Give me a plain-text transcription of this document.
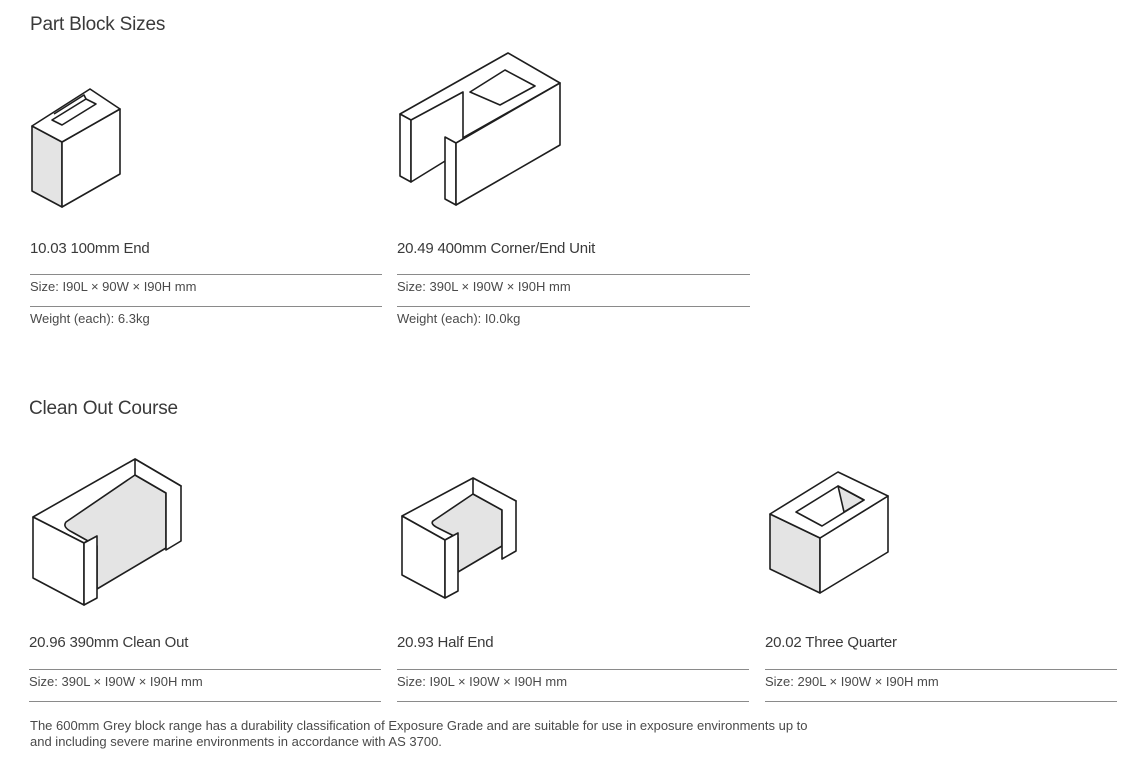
Part Block Sizes
10.03 100mm End
Size: I90L × 90W × I90H mm
Weight (each): 6.3kg
20.49 400mm Corner/End Unit
Size: 390L × I90W × I90H mm
Weight (each): I0.0kg
Clean Out Course
20.96 390mm Clean Out
Size: 390L × I90W × I90H mm
20.93 Half End
Size: I90L × I90W × I90H mm
20.02 Three Quarter
Size: 290L × I90W × I90H mm
The 600mm Grey block range has a durability classification of Exposure Grade and are suitable for use in exposure environments up to and including severe marine environments in accordance with AS 3700.
